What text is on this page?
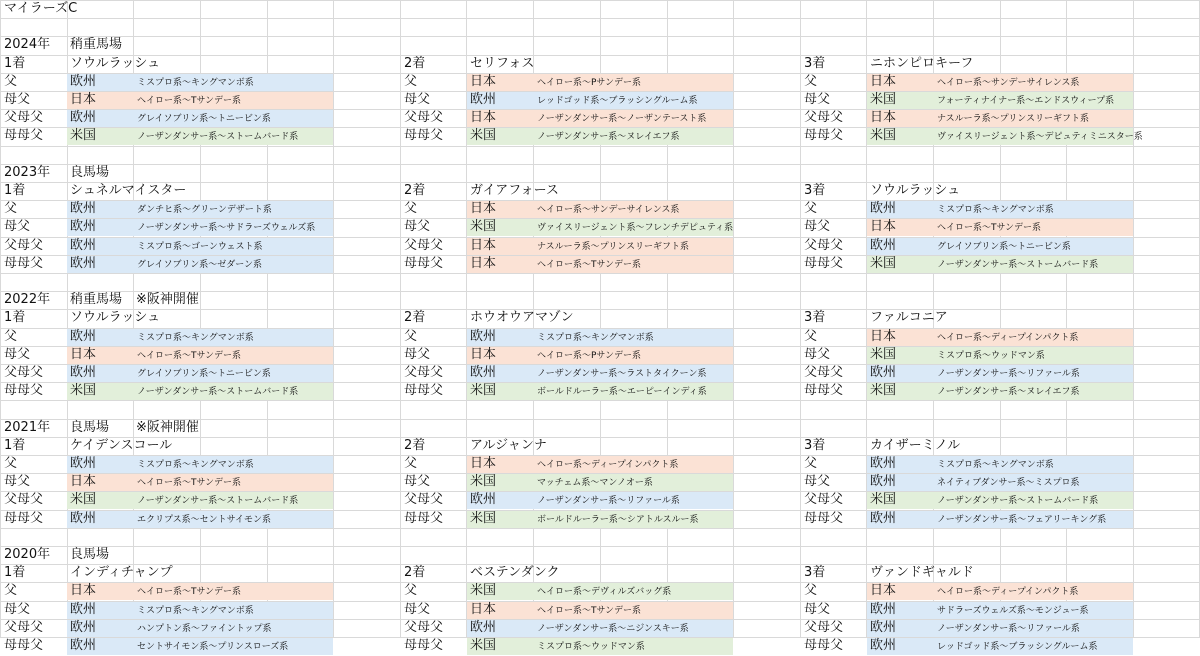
マイラーズC
2024年 稍重馬場
1着	ソウルラッシュ
父	欧州	ミスプロ系～キングマンボ系
母父	日本	ヘイロー系～Tサンデー系
父母父 欧州	グレイソブリン系～トニービン系
母母父 米国	ノーザンダンサー系～ストームバード系
2着	セリフォス
父	日本	ヘイロー系～Pサンデー系
母父	欧州	レッドゴッド系～ブラッシングルーム系
父母父 日本	ノーザンダンサー系～ノーザンテースト系
母母父 米国	ノーザンダンサー系～ヌレイエフ系
3着	ニホンピロキーフ
父	日本	ヘイロー系～サンデーサイレンス系
母父	米国	フォーティナイナー系～エンドスウィープ系
父母父 日本	ナスルーラ系～プリンスリーギフト系
母母父 米国	ヴァイスリージェント系～デピュティミニスター系
2023年 良馬場
1着	シュネルマイスター
父	欧州	ダンチヒ系～グリーンデザート系
母父	欧州	ノーザンダンサー系～サドラーズウェルズ系
父母父 欧州	ミスプロ系～ゴーンウェスト系
母母父 欧州	グレイソブリン系～ゼダーン系
2着	ガイアフォース
父	日本	ヘイロー系～サンデーサイレンス系
母父	米国	ヴァイスリージェント系～フレンチデピュティ系
父母父 日本	ナスルーラ系～プリンスリーギフト系
母母父 日本	ヘイロー系～Tサンデー系
3着	ソウルラッシュ
父	欧州	ミスプロ系～キングマンボ系
母父	日本	ヘイロー系～Tサンデー系
父母父 欧州	グレイソブリン系～トニービン系
母母父 米国	ノーザンダンサー系～ストームバード系
2022年 稍重馬場 ※阪神開催
1着	ソウルラッシュ
父	欧州	ミスプロ系～キングマンボ系
母父	日本	ヘイロー系～Tサンデー系
父母父 欧州	グレイソブリン系～トニービン系
母母父 米国	ノーザンダンサー系～ストームバード系
2着	ホウオウアマゾン
父	欧州	ミスプロ系～キングマンボ系
母父	日本	ヘイロー系～Pサンデー系
父母父 欧州	ノーザンダンサー系～ラストタイクーン系
母母父 米国	ボールドルーラー系～エーピーインディ系
3着	ファルコニア
父	日本	ヘイロー系～ディープインパクト系
母父	米国	ミスプロ系～ウッドマン系
父母父 欧州	ノーザンダンサー系～リファール系
母母父 米国	ノーザンダンサー系～ヌレイエフ系
2021年 良馬場 ※阪神開催
1着	ケイデンスコール
父	欧州	ミスプロ系～キングマンボ系
母父	日本	ヘイロー系～Tサンデー系
父母父 米国	ノーザンダンサー系～ストームバード系
母母父 欧州	エクリプス系～セントサイモン系
2着	アルジャンナ
父	日本	ヘイロー系～ディープインパクト系
母父	米国	マッチェム系～マンノオー系
父母父 欧州	ノーザンダンサー系～リファール系
母母父 米国	ボールドルーラー系～シアトルスルー系
3着	カイザーミノル
父	欧州	ミスプロ系～キングマンボ系
母父	欧州	ネイティブダンサー系～ミスプロ系
父母父 米国	ノーザンダンサー系～ストームバード系
母母父 欧州	ノーザンダンサー系～フェアリーキング系
2020年 良馬場
1着	インディチャンプ
父	日本	ヘイロー系～Tサンデー系
母父	欧州	ミスプロ系～キングマンボ系
父母父 欧州	ハンプトン系～ファイントップ系
母母父 欧州	セントサイモン系～プリンスローズ系
2着	ベステンダンク
父	米国	ヘイロー系～デヴィルズバッグ系
母父	日本	ヘイロー系～Tサンデー系
父母父 欧州	ノーザンダンサー系～ニジンスキー系
母母父 米国	ミスプロ系～ウッドマン系
3着	ヴァンドギャルド
父	日本	ヘイロー系～ディープインパクト系
母父	欧州	サドラーズウェルズ系～モンジュー系
父母父 欧州	ノーザンダンサー系～リファール系
母母父 欧州	レッドゴッド系～ブラッシングルーム系
